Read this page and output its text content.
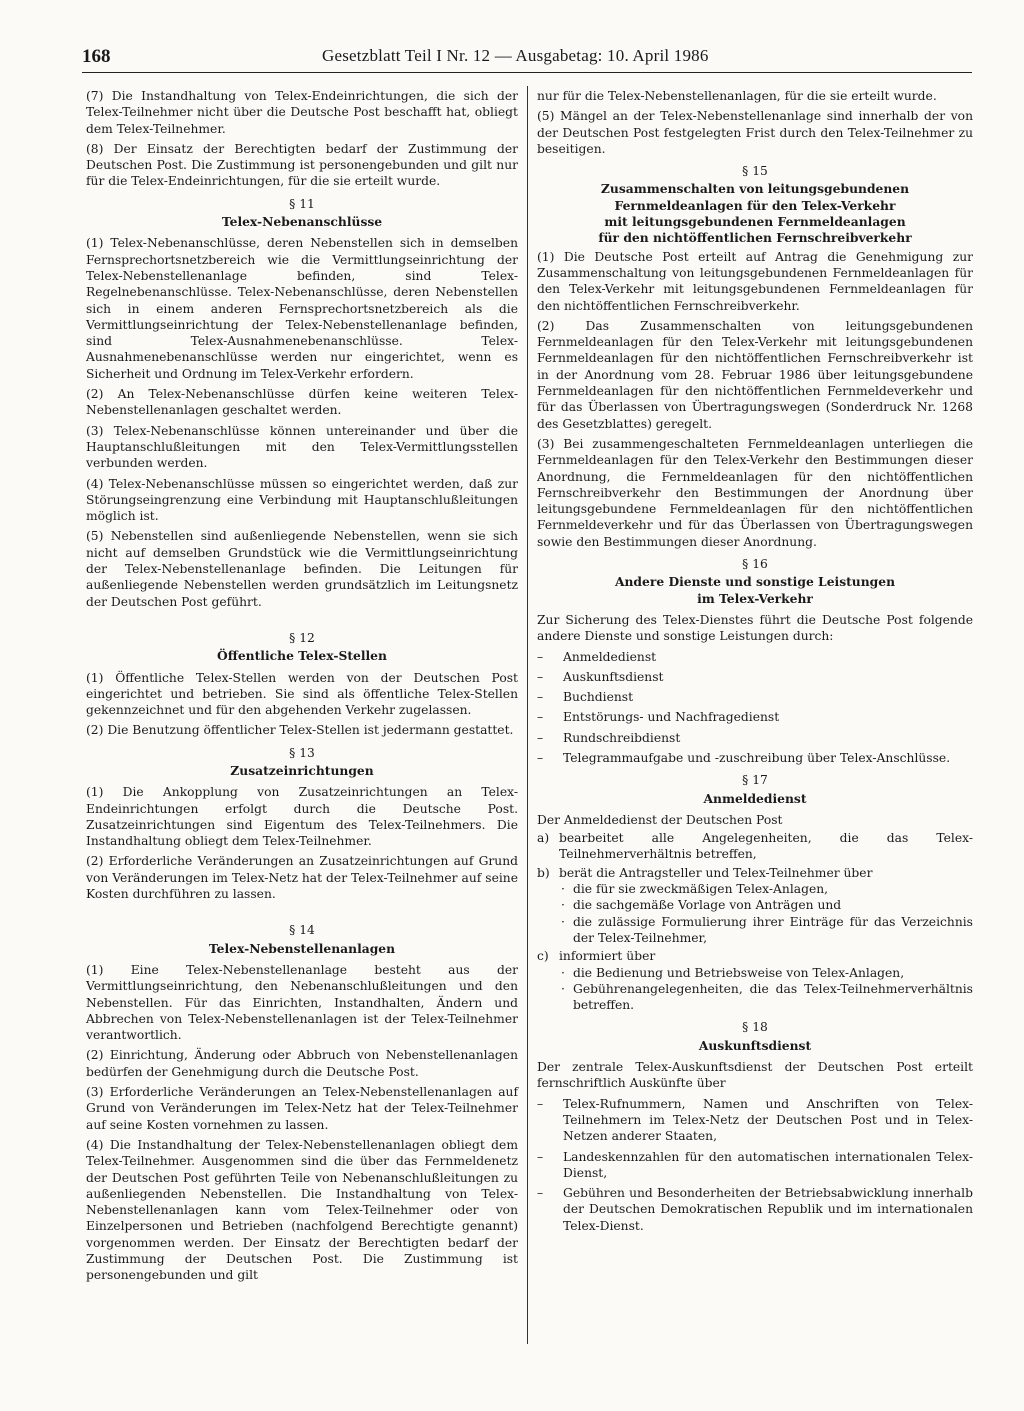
168	Gesetzblatt Teil I Nr. 12 — Ausgabetag: 10. April 1986

(7) Die Instandhaltung von Telex-Endeinrichtungen, die sich der Telex-Teilnehmer nicht über die Deutsche Post beschafft hat, obliegt dem Telex-Teilnehmer.

(8) Der Einsatz der Berechtigten bedarf der Zustimmung der Deutschen Post. Die Zustimmung ist personengebunden und gilt nur für die Telex-Endeinrichtungen, für die sie erteilt wurde.

§ 11
Telex-Nebenanschlüsse

(1) Telex-Nebenanschlüsse, deren Nebenstellen sich in demselben Fernsprechortsnetzbereich wie die Vermittlungseinrichtung der Telex-Nebenstellenanlage befinden, sind Telex-Regelnebenanschlüsse. Telex-Nebenanschlüsse, deren Nebenstellen sich in einem anderen Fernsprechortsnetzbereich als die Vermittlungseinrichtung der Telex-Nebenstellenanlage befinden, sind Telex-Ausnahmenebenanschlüsse. Telex-Ausnahmenebenanschlüsse werden nur eingerichtet, wenn es Sicherheit und Ordnung im Telex-Verkehr erfordern.

(2) An Telex-Nebenanschlüsse dürfen keine weiteren Telex-Nebenstellenanlagen geschaltet werden.

(3) Telex-Nebenanschlüsse können untereinander und über die Hauptanschlußleitungen mit den Telex-Vermittlungsstellen verbunden werden.

(4) Telex-Nebenanschlüsse müssen so eingerichtet werden, daß zur Störungseingrenzung eine Verbindung mit Hauptanschlußleitungen möglich ist.

(5) Nebenstellen sind außenliegende Nebenstellen, wenn sie sich nicht auf demselben Grundstück wie die Vermittlungseinrichtung der Telex-Nebenstellenanlage befinden. Die Leitungen für außenliegende Nebenstellen werden grundsätzlich im Leitungsnetz der Deutschen Post geführt.

§ 12
Öffentliche Telex-Stellen

(1) Öffentliche Telex-Stellen werden von der Deutschen Post eingerichtet und betrieben. Sie sind als öffentliche Telex-Stellen gekennzeichnet und für den abgehenden Verkehr zugelassen.

(2) Die Benutzung öffentlicher Telex-Stellen ist jedermann gestattet.

§ 13
Zusatzeinrichtungen

(1) Die Ankopplung von Zusatzeinrichtungen an Telex-Endeinrichtungen erfolgt durch die Deutsche Post. Zusatzeinrichtungen sind Eigentum des Telex-Teilnehmers. Die Instandhaltung obliegt dem Telex-Teilnehmer.

(2) Erforderliche Veränderungen an Zusatzeinrichtungen auf Grund von Veränderungen im Telex-Netz hat der Telex-Teilnehmer auf seine Kosten durchführen zu lassen.

§ 14
Telex-Nebenstellenanlagen

(1) Eine Telex-Nebenstellenanlage besteht aus der Vermittlungseinrichtung, den Nebenanschlußleitungen und den Nebenstellen. Für das Einrichten, Instandhalten, Ändern und Abbrechen von Telex-Nebenstellenanlagen ist der Telex-Teilnehmer verantwortlich.

(2) Einrichtung, Änderung oder Abbruch von Nebenstellenanlagen bedürfen der Genehmigung durch die Deutsche Post.

(3) Erforderliche Veränderungen an Telex-Nebenstellenanlagen auf Grund von Veränderungen im Telex-Netz hat der Telex-Teilnehmer auf seine Kosten vornehmen zu lassen.

(4) Die Instandhaltung der Telex-Nebenstellenanlagen obliegt dem Telex-Teilnehmer. Ausgenommen sind die über das Fernmeldenetz der Deutschen Post geführten Teile von Nebenanschlußleitungen zu außenliegenden Nebenstellen. Die Instandhaltung von Telex-Nebenstellenanlagen kann vom Telex-Teilnehmer oder von Einzelpersonen und Betrieben (nachfolgend Berechtigte genannt) vorgenommen werden. Der Einsatz der Berechtigten bedarf der Zustimmung der Deutschen Post. Die Zustimmung ist personengebunden und gilt

nur für die Telex-Nebenstellenanlagen, für die sie erteilt wurde.

(5) Mängel an der Telex-Nebenstellenanlage sind innerhalb der von der Deutschen Post festgelegten Frist durch den Telex-Teilnehmer zu beseitigen.

§ 15
Zusammenschalten von leitungsgebundenen
Fernmeldeanlagen für den Telex-Verkehr
mit leitungsgebundenen Fernmeldeanlagen
für den nichtöffentlichen Fernschreibverkehr

(1) Die Deutsche Post erteilt auf Antrag die Genehmigung zur Zusammenschaltung von leitungsgebundenen Fernmeldeanlagen für den Telex-Verkehr mit leitungsgebundenen Fernmeldeanlagen für den nichtöffentlichen Fernschreibverkehr.

(2) Das Zusammenschalten von leitungsgebundenen Fernmeldeanlagen für den Telex-Verkehr mit leitungsgebundenen Fernmeldeanlagen für den nichtöffentlichen Fernschreibverkehr ist in der Anordnung vom 28. Februar 1986 über leitungsgebundene Fernmeldeanlagen für den nichtöffentlichen Fernmeldeverkehr und für das Überlassen von Übertragungswegen (Sonderdruck Nr. 1268 des Gesetzblattes) geregelt.

(3) Bei zusammengeschalteten Fernmeldeanlagen unterliegen die Fernmeldeanlagen für den Telex-Verkehr den Bestimmungen dieser Anordnung, die Fernmeldeanlagen für den nichtöffentlichen Fernschreibverkehr den Bestimmungen der Anordnung über leitungsgebundene Fernmeldeanlagen für den nichtöffentlichen Fernmeldeverkehr und für das Überlassen von Übertragungswegen sowie den Bestimmungen dieser Anordnung.

§ 16
Andere Dienste und sonstige Leistungen
im Telex-Verkehr

Zur Sicherung des Telex-Dienstes führt die Deutsche Post folgende andere Dienste und sonstige Leistungen durch:

– Anmeldedienst
– Auskunftsdienst
– Buchdienst
– Entstörungs- und Nachfragedienst
– Rundschreibdienst
– Telegrammaufgabe und -zuschreibung über Telex-Anschlüsse.
§ 17
Anmeldedienst

Der Anmeldedienst der Deutschen Post

a) bearbeitet alle Angelegenheiten, die das Telex-Teilnehmerverhältnis betreffen,
b) berät die Antragsteller und Telex-Teilnehmer über
· die für sie zweckmäßigen Telex-Anlagen,
· die sachgemäße Vorlage von Anträgen und
· die zulässige Formulierung ihrer Einträge für das Verzeichnis der Telex-Teilnehmer,
c) informiert über
· die Bedienung und Betriebsweise von Telex-Anlagen,
· Gebührenangelegenheiten, die das Telex-Teilnehmerverhältnis betreffen.
§ 18
Auskunftsdienst

Der zentrale Telex-Auskunftsdienst der Deutschen Post erteilt fernschriftlich Auskünfte über

– Telex-Rufnummern, Namen und Anschriften von Telex-Teilnehmern im Telex-Netz der Deutschen Post und in Telex-Netzen anderer Staaten,
– Landeskennzahlen für den automatischen internationalen Telex-Dienst,
– Gebühren und Besonderheiten der Betriebsabwicklung innerhalb der Deutschen Demokratischen Republik und im internationalen Telex-Dienst.
